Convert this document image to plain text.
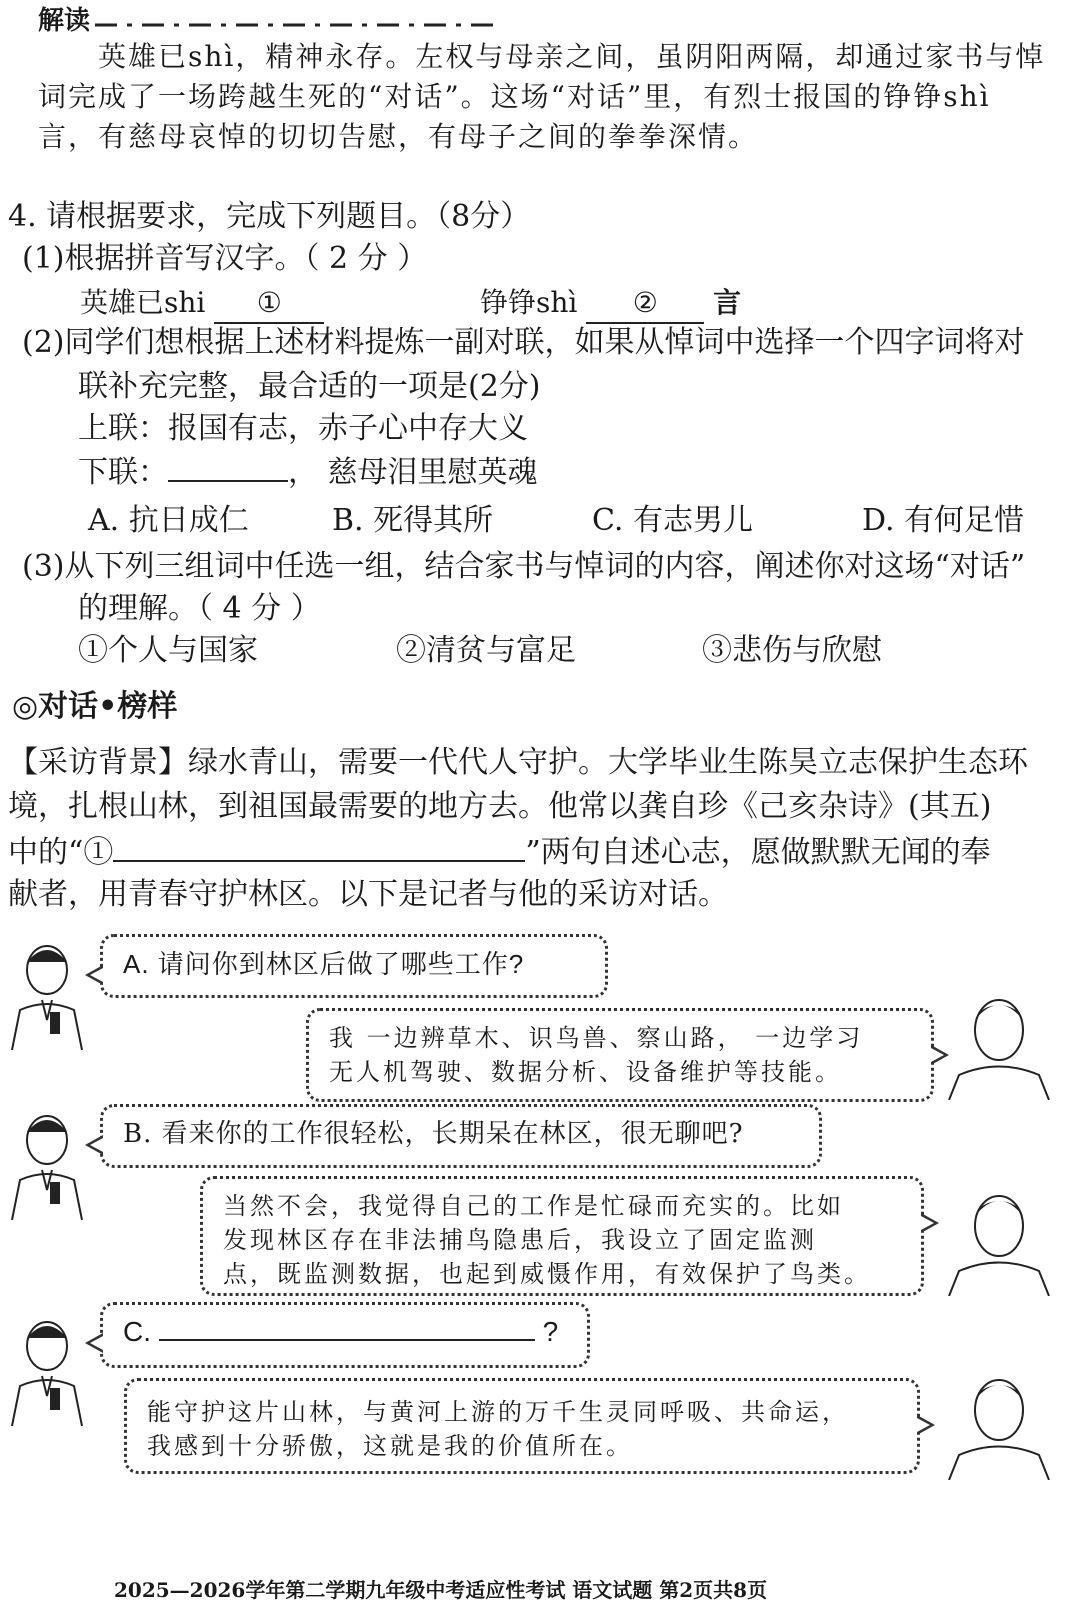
解读
英雄已shì，精神永存。左权与母亲之间，虽阴阳两隔，却通过家书与悼
词完成了一场跨越生死的“对话”。这场“对话”里，有烈士报国的铮铮shì
言，有慈母哀悼的切切告慰，有母子之间的拳拳深情。
4. 请根据要求，完成下列题目。（8分）
(1)根据拼音写汉字。（ 2 分 ）
英雄已shi ①	铮铮shì ② 言
(2)同学们想根据上述材料提炼一副对联，如果从悼词中选择一个四字词将对
联补充完整，最合适的一项是(2分)
上联：报国有志，赤子心中存大义
下联：	， 慈母泪里慰英魂
A. 抗日成仁	B. 死得其所	C. 有志男儿	D. 有何足惜
(3)从下列三组词中任选一组，结合家书与悼词的内容，阐述你对这场“对话”
的理解。（ 4 分 ）
①个人与国家	②清贫与富足	③悲伤与欣慰
◎对话•榜样
【采访背景】绿水青山，需要一代代人守护。大学毕业生陈昊立志保护生态环
境，扎根山林，到祖国最需要的地方去。他常以龚自珍《己亥杂诗》(其五)
中的“①	”两句自述心志，愿做默默无闻的奉
献者，用青春守护林区。以下是记者与他的采访对话。
A. 请问你到林区后做了哪些工作?
我 一边辨草木、识鸟兽、察山路， 一边学习
无人机驾驶、数据分析、设备维护等技能。
B. 看来你的工作很轻松，长期呆在林区，很无聊吧?
当然不会，我觉得自己的工作是忙碌而充实的。比如
发现林区存在非法捕鸟隐患后，我设立了固定监测
点，既监测数据，也起到威慑作用，有效保护了鸟类。
C.	?
能守护这片山林，与黄河上游的万千生灵同呼吸、共命运，
我感到十分骄傲，这就是我的价值所在。
2025—2026学年第二学期九年级中考适应性考试 语文试题 第2页共8页
